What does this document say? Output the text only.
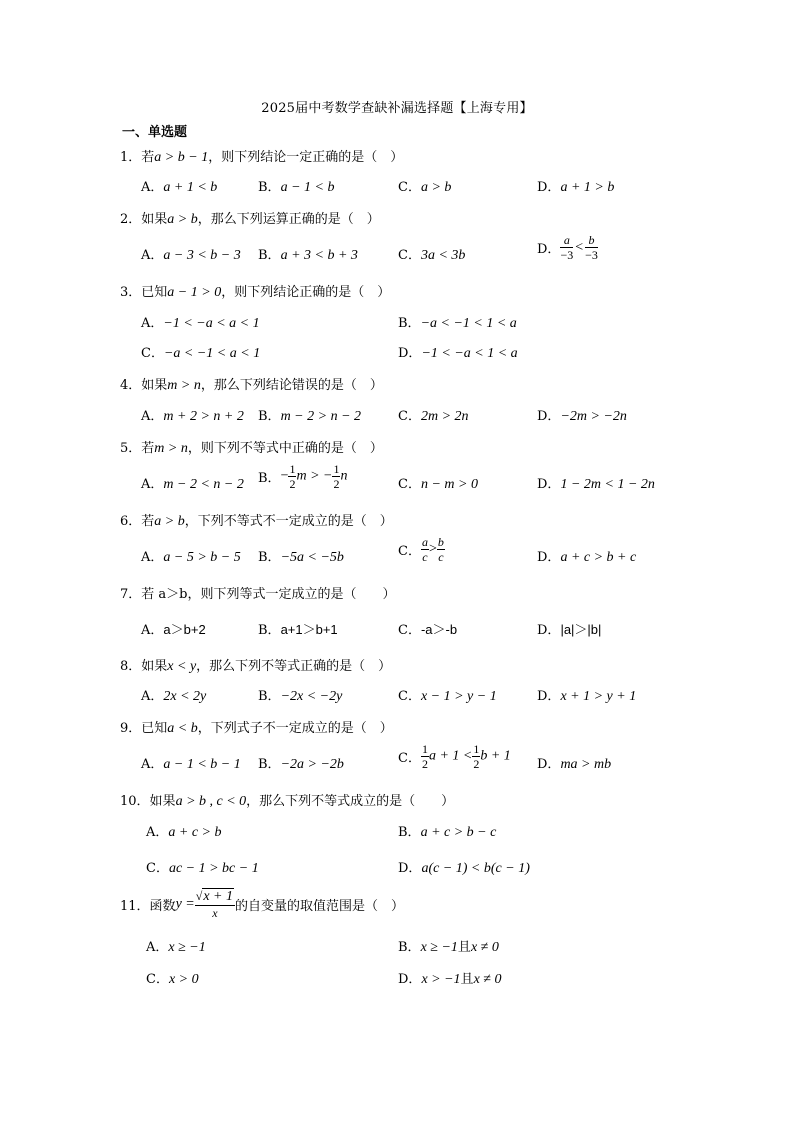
2025届中考数学查缺补漏选择题【上海专用】
一、单选题
1．若a > b − 1，则下列结论一定正确的是（　）
A．a + 1 < b	B．a − 1 < b	C．a > b	D．a + 1 > b
2．如果a > b，那么下列运算正确的是（　）
A．a − 3 < b − 3 B．a + 3 < b + 3	C．3a < 3b	D． $\frac{a}{-3} < \frac{b}{-3}$
3．已知a − 1 > 0，则下列结论正确的是（　）
A．−1 < −a < a < 1	B．−a < −1 < 1 < a
C．−a < −1 < a < 1	D．−1 < −a < 1 < a
4．如果m > n，那么下列结论错误的是（　）
A．m + 2 > n + 2 B．m − 2 > n − 2	C．2m > 2n	D．−2m > −2n
5．若m > n，则下列不等式中正确的是（　）
A．m − 2 < n − 2 B．− $\frac{1}{2}$ m > − $\frac{1}{2}$ n
C．n − m > 0	D．1 − 2m < 1 − 2n
6．若a > b，下列不等式不一定成立的是（　）
A．a − 5 > b − 5 B．−5a < −5b	C． $\frac{a}{c} > \frac{b}{c}$	D．a + c > b + c
7．若 a＞b，则下列等式一定成立的是（　　）
A．a＞b+2	B．a+1＞b+1	C．-a＞-b	D．|a|＞|b|
8．如果x < y，那么下列不等式正确的是（　）
A．2x < 2y	B．−2x < −2y	C．x − 1 > y − 1	D．x + 1 > y + 1
9．已知a < b，下列式子不一定成立的是（　）
A．a − 1 < b − 1 B．−2a > −2b	C． $\frac{1}{2}$ $a + 1 < \frac{1}{2}$ b + 1
D．ma > mb
10．如果a > b , c < 0，那么下列不等式成立的是（　　）
A．a + c > b	B．a + c > b − c
C．ac − 1 > bc − 1	D．a(c − 1) < b(c − 1)
11．函数$y = \frac{√x + 1}{x}$ 的自变量的取值范围是（　）
A．x ≥ −1	B．x ≥ −1且x ≠ 0
C．x > 0	D．x > −1且x ≠ 0
